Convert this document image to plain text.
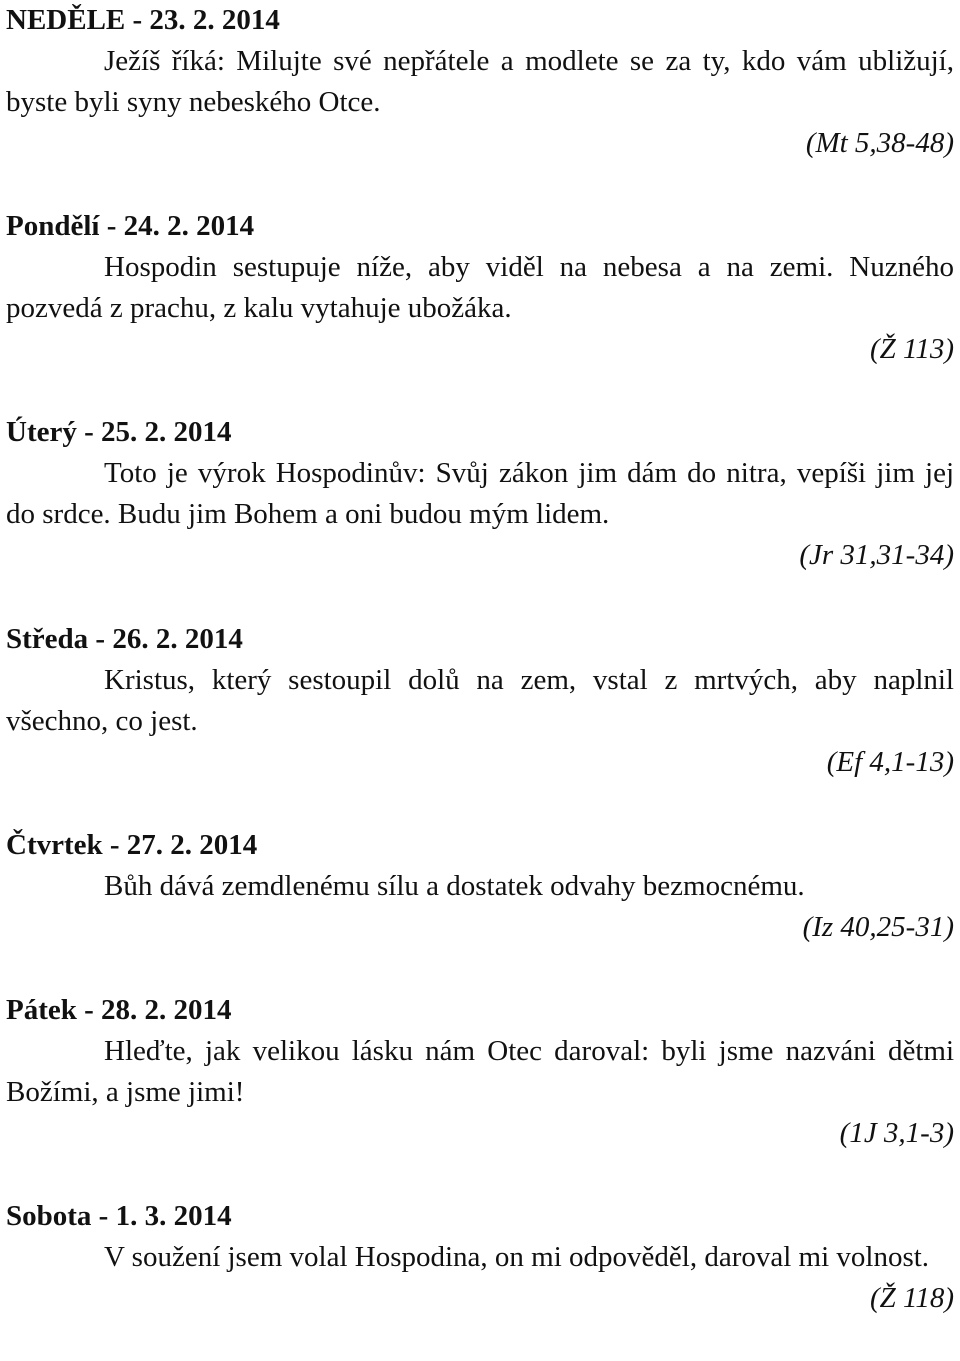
NEDĚLE - 23. 2. 2014
Ježíš říká: Milujte své nepřátele a modlete se za ty, kdo vám ubližují, byste byli syny nebeského Otce.
(Mt 5,38-48)
Pondělí - 24. 2. 2014
Hospodin sestupuje níže, aby viděl na nebesa a na zemi. Nuzného pozvedá z prachu, z kalu vytahuje ubožáka.
(Ž 113)
Úterý - 25. 2. 2014
Toto je výrok Hospodinův: Svůj zákon jim dám do nitra, vepíši jim jej do srdce. Budu jim Bohem a oni budou mým lidem.
(Jr 31,31-34)
Středa - 26. 2. 2014
Kristus, který sestoupil dolů na zem, vstal z mrtvých, aby naplnil všechno, co jest.
(Ef 4,1-13)
Čtvrtek - 27. 2. 2014
Bůh dává zemdlenému sílu a dostatek odvahy bezmocnému.
(Iz 40,25-31)
Pátek - 28. 2. 2014
Hleďte, jak velikou lásku nám Otec daroval: byli jsme nazváni dětmi Božími, a jsme jimi!
(1J 3,1-3)
Sobota - 1. 3. 2014
V soužení jsem volal Hospodina, on mi odpověděl, daroval mi volnost.
(Ž 118)
